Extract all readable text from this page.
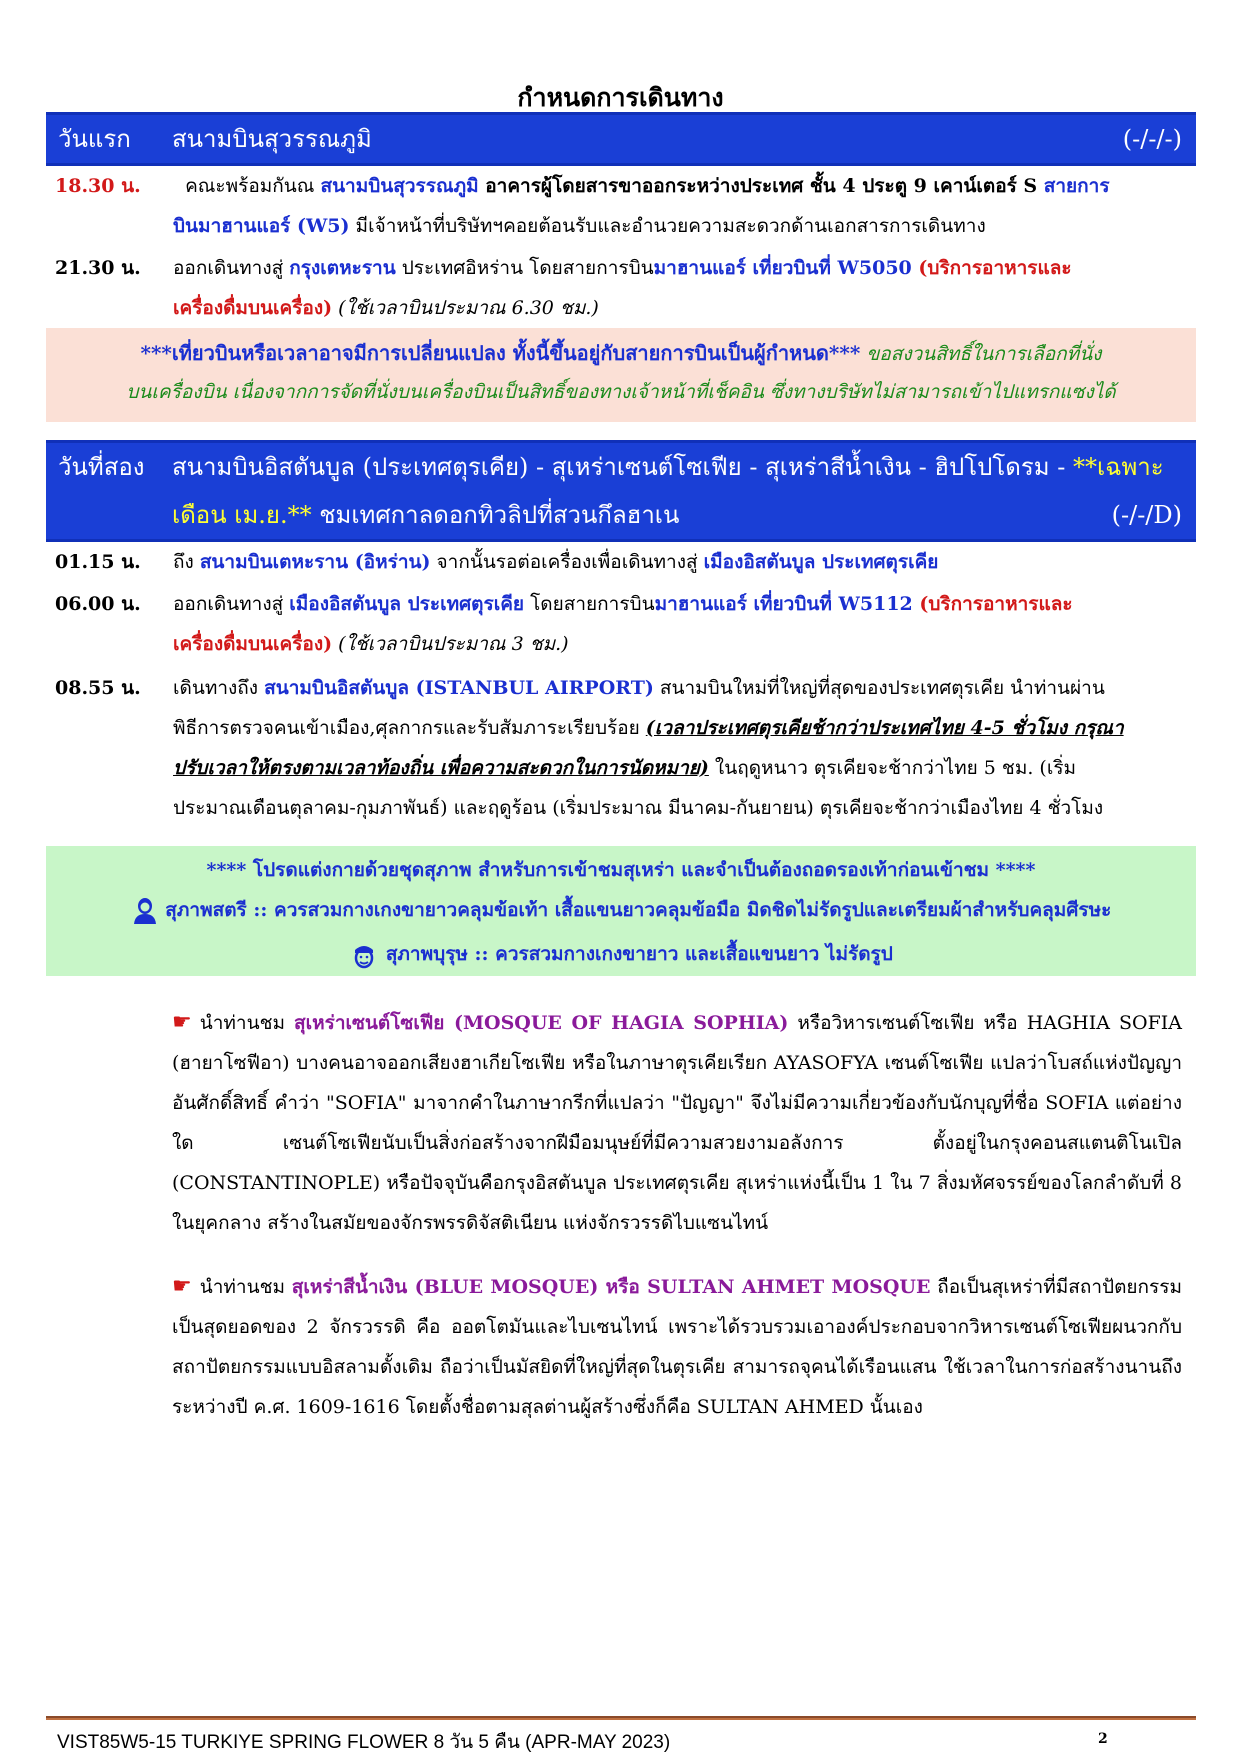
กำหนดการเดินทาง
วันแรก สนามบินสุวรรณภูมิ	(-/-/-)
18.30 น.	คณะพร้อมกันณ สนามบินสุวรรณภูมิ อาคารผู้โดยสารขาออกระหว่างประเทศ ชั้น 4 ประตู 9 เคาน์เตอร์ S สายการ
บินมาฮานแอร์ (W5) มีเจ้าหน้าที่บริษัทฯคอยต้อนรับและอำนวยความสะดวกด้านเอกสารการเดินทาง
21.30 น.	ออกเดินทางสู่ กรุงเตหะราน ประเทศอิหร่าน โดยสายการบินมาฮานแอร์ เที่ยวบินที่ W5050 (บริการอาหารและ
เครื่องดื่มบนเครื่อง) (ใช้เวลาบินประมาณ 6.30 ชม.)
***เที่ยวบินหรือเวลาอาจมีการเปลี่ยนแปลง ทั้งนี้ขึ้นอยู่กับสายการบินเป็นผู้กำหนด*** ขอสงวนสิทธิ์ในการเลือกที่นั่ง
บนเครื่องบิน เนื่องจากการจัดที่นั่งบนเครื่องบินเป็นสิทธิ์ของทางเจ้าหน้าที่เช็คอิน ซึ่งทางบริษัทไม่สามารถเข้าไปแทรกแซงได้
วันที่สอง สนามบินอิสตันบูล (ประเทศตุรเคีย) - สุเหร่าเซนต์โซเฟีย - สุเหร่าสีน้ำเงิน - ฮิปโปโดรม - **เฉพาะ
เดือน เม.ย.** ชมเทศกาลดอกทิวลิปที่สวนกึลฮาเน	(-/-/D)
01.15 น.	ถึง สนามบินเตหะราน (อิหร่าน) จากนั้นรอต่อเครื่องเพื่อเดินทางสู่ เมืองอิสตันบูล ประเทศตุรเคีย
06.00 น.	ออกเดินทางสู่ เมืองอิสตันบูล ประเทศตุรเคีย โดยสายการบินมาฮานแอร์ เที่ยวบินที่ W5112 (บริการอาหารและ
เครื่องดื่มบนเครื่อง) (ใช้เวลาบินประมาณ 3 ชม.)
08.55 น.	เดินทางถึง สนามบินอิสตันบูล (ISTANBUL AIRPORT) สนามบินใหม่ที่ใหญ่ที่สุดของประเทศตุรเคีย นำท่านผ่าน
พิธีการตรวจคนเข้าเมือง,ศุลกากรและรับสัมภาระเรียบร้อย (เวลาประเทศตุรเคียช้ากว่าประเทศไทย 4-5 ชั่วโมง กรุณา
ปรับเวลาให้ตรงตามเวลาท้องถิ่น เพื่อความสะดวกในการนัดหมาย) ในฤดูหนาว ตุรเคียจะช้ากว่าไทย 5 ชม. (เริ่ม
ประมาณเดือนตุลาคม-กุมภาพันธ์) และฤดูร้อน (เริ่มประมาณ มีนาคม-กันยายน) ตุรเคียจะช้ากว่าเมืองไทย 4 ชั่วโมง
**** โปรดแต่งกายด้วยชุดสุภาพ สำหรับการเข้าชมสุเหร่า และจำเป็นต้องถอดรองเท้าก่อนเข้าชม ****
สุภาพสตรี :: ควรสวมกางเกงขายาวคลุมข้อเท้า เสื้อแขนยาวคลุมข้อมือ มิดชิดไม่รัดรูปและเตรียมผ้าสำหรับคลุมศีรษะ
สุภาพบุรุษ :: ควรสวมกางเกงขายาว และเสื้อแขนยาว ไม่รัดรูป
☛ นำท่านชม สุเหร่าเซนต์โซเฟีย (MOSQUE OF HAGIA SOPHIA) หรือวิหารเซนต์โซเฟีย หรือ HAGHIA SOFIA (ฮายาโซฟีอา) บางคนอาจออกเสียงฮาเกียโซเฟีย หรือในภาษาตุรเคียเรียก AYASOFYA เซนต์โซเฟีย แปลว่าโบสถ์แห่งปัญญาอันศักดิ์สิทธิ์ คำว่า "SOFIA" มาจากคำในภาษากรีกที่แปลว่า "ปัญญา" จึงไม่มีความเกี่ยวข้องกับนักบุญที่ชื่อ SOFIA แต่อย่างใด เซนต์โซเฟียนับเป็นสิ่งก่อสร้างจากฝีมือมนุษย์ที่มีความสวยงามอลังการ ตั้งอยู่ในกรุงคอนสแตนติโนเปิล (CONSTANTINOPLE) หรือปัจจุบันคือกรุงอิสตันบูล ประเทศตุรเคีย สุเหร่าแห่งนี้เป็น 1 ใน 7 สิ่งมหัศจรรย์ของโลกลำดับที่ 8 ในยุคกลาง สร้างในสมัยของจักรพรรดิจัสติเนียน แห่งจักรวรรดิไบแซนไทน์
☛ นำท่านชม สุเหร่าสีน้ำเงิน (BLUE MOSQUE) หรือ SULTAN AHMET MOSQUE ถือเป็นสุเหร่าที่มีสถาปัตยกรรมเป็นสุดยอดของ 2 จักรวรรดิ คือ ออตโตมันและไบเซนไทน์ เพราะได้รวบรวมเอาองค์ประกอบจากวิหารเซนต์โซเฟียผนวกกับสถาปัตยกรรมแบบอิสลามดั้งเดิม ถือว่าเป็นมัสยิดที่ใหญ่ที่สุดในตุรเคีย สามารถจุคนได้เรือนแสน ใช้เวลาในการก่อสร้างนานถึงระหว่างปี ค.ศ. 1609-1616 โดยตั้งชื่อตามสุลต่านผู้สร้างซึ่งก็คือ SULTAN AHMED นั้นเอง
VIST85W5-15 TURKIYE SPRING FLOWER 8 วัน 5 คืน (APR-MAY 2023)	2
